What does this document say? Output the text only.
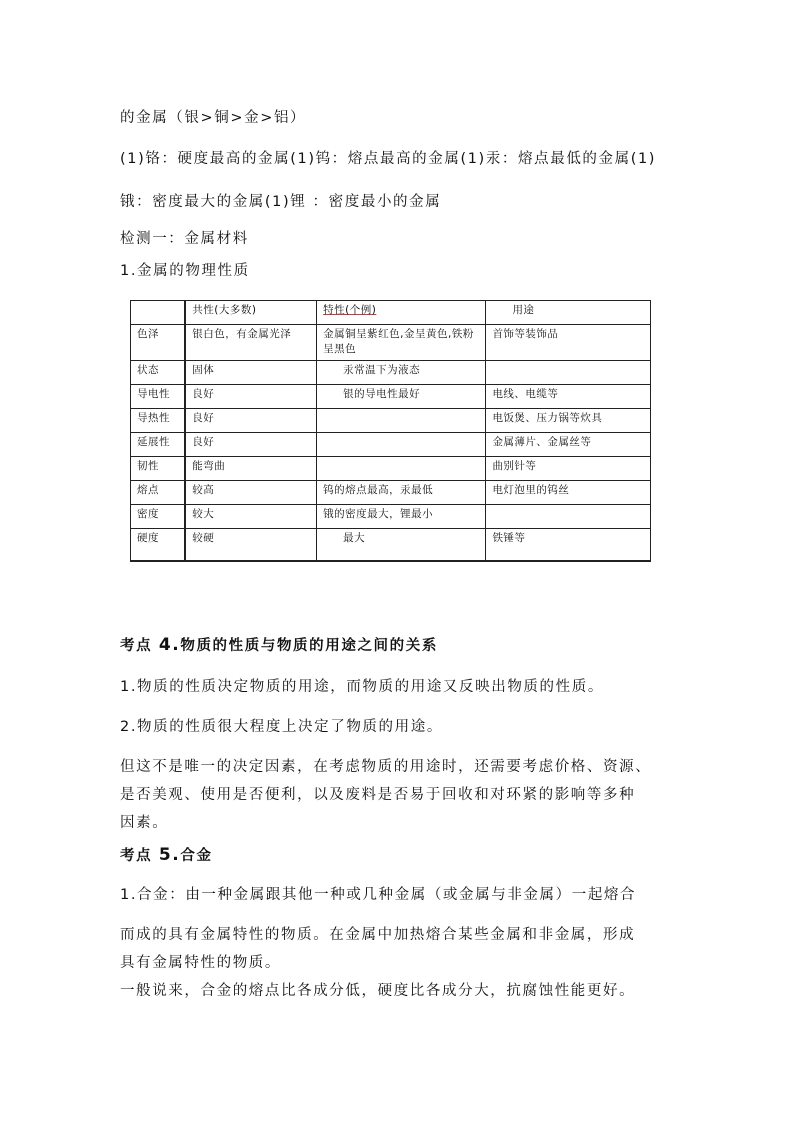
的金属（银>铜>金>铝）
(1)铬：硬度最高的金属(1)钨：熔点最高的金属(1)汞：熔点最低的金属(1)
锇：密度最大的金属(1)锂 ：密度最小的金属
检测一：金属材料
1.金属的物理性质
	共性(大多数)	特性(个例)	用途
色泽	银白色，有金属光泽	金属铜呈紫红色,金呈黄色,铁粉呈黑色	首饰等装饰品
状态	固体	汞常温下为液态	
导电性	良好	银的导电性最好	电线、电缆等
导热性	良好		电饭煲、压力锅等炊具
延展性	良好		金属薄片、金属丝等
韧性	能弯曲		曲别针等
熔点	较高	钨的熔点最高，汞最低	电灯泡里的钨丝
密度	较大	锇的密度最大，锂最小	
硬度	较硬	最大	铁锤等
考点 4.物质的性质与物质的用途之间的关系
1.物质的性质决定物质的用途，而物质的用途又反映出物质的性质。
2.物质的性质很大程度上决定了物质的用途。
但这不是唯一的决定因素，在考虑物质的用途时，还需要考虑价格、资源、
是否美观、使用是否便利，以及废料是否易于回收和对环紧的影响等多种
因素。
考点 5.合金
1.合金：由一种金属跟其他一种或几种金属（或金属与非金属）一起熔合
而成的具有金属特性的物质。在金属中加热熔合某些金属和非金属，形成
具有金属特性的物质。
一般说来，合金的熔点比各成分低，硬度比各成分大，抗腐蚀性能更好。
